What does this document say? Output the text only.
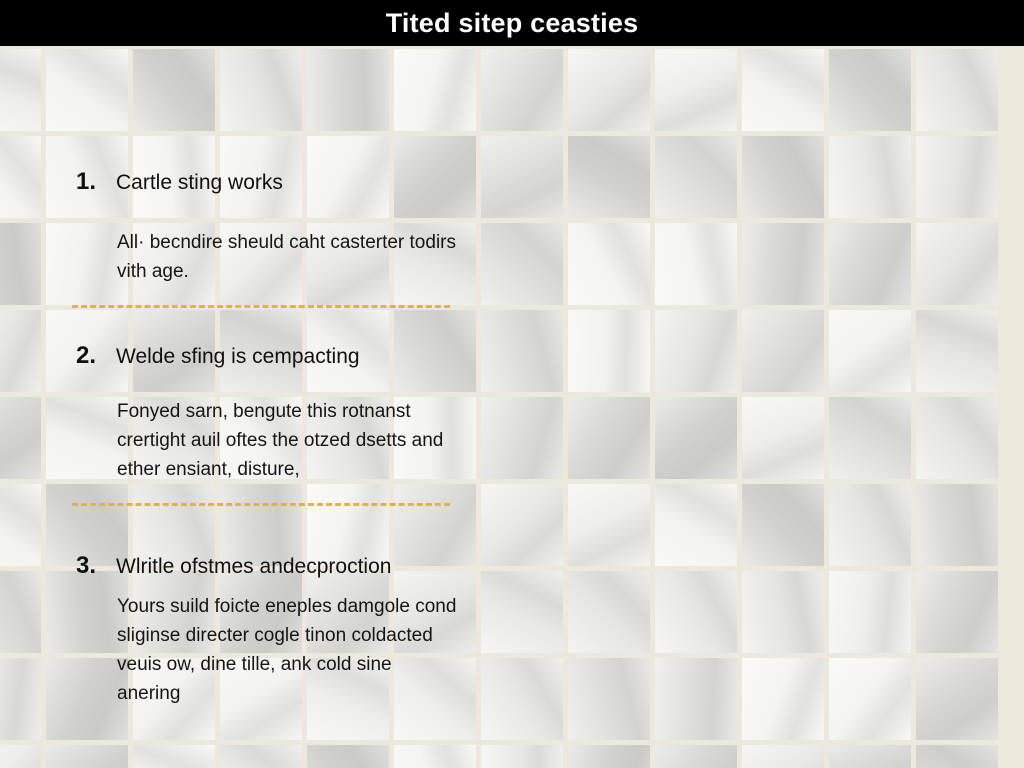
Tited sitep ceasties
1. Cartle sting works
All· becndire sheuld caht casterter todirs vith age.
2. Welde sfing is cempacting
Fonyed sarn, bengute this rotnanst crertight auil oftes the otzed dsetts and ether ensiant, disture,
3. Wlritle ofstmes andecproction
Yours suild foicte eneples damgole cond sliginse directer cogle tinon coldacted veuis ow, dine tille, ank cold sine anering
